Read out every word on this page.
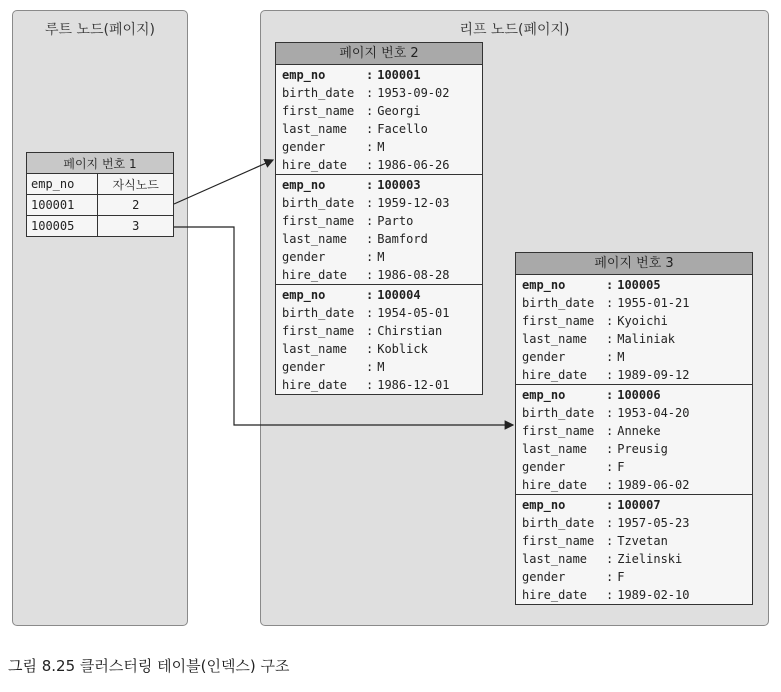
루트 노드(페이지)	리프 노드(페이지)
페이지 번호 1	
emp_no	자식노드
100001	2
100005	3
페이지 번호 2
emp_no	: 100001
birth_date : 1953-09-02
first_name : Georgi
last_name : Facello
gender	: M
hire_date : 1986-06-26
emp_no	: 100003
birth_date : 1959-12-03
first_name : Parto
last_name : Bamford
gender	: M
hire_date : 1986-08-28
emp_no	: 100004
birth_date : 1954-05-01
first_name : Chirstian
last_name : Koblick
gender	: M
hire_date : 1986-12-01
페이지 번호 3
emp_no	: 100005
birth_date : 1955-01-21
first_name : Kyoichi
last_name : Maliniak
gender	: M
hire_date : 1989-09-12
emp_no	: 100006
birth_date : 1953-04-20
first_name : Anneke
last_name : Preusig
gender	: F
hire_date : 1989-06-02
emp_no	: 100007
birth_date : 1957-05-23
first_name : Tzvetan
last_name : Zielinski
gender	: F
hire_date : 1989-02-10
그림 8.25 클러스터링 테이블(인덱스) 구조
